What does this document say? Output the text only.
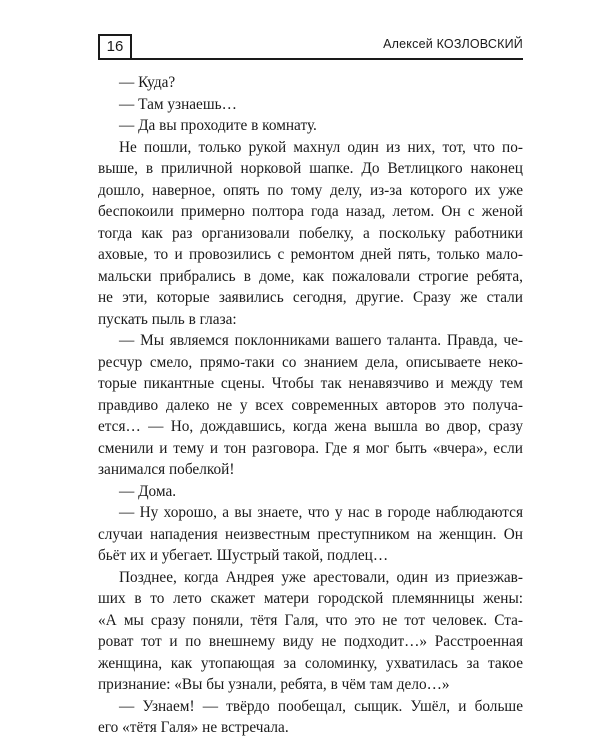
16	Алексей КОЗЛОВСКИЙ
— Куда?
— Там узнаешь…
— Да вы проходите в комнату.
Не пошли, только рукой махнул один из них, тот, что по-
выше, в приличной норковой шапке. До Ветлицкого наконец
дошло, наверное, опять по тому делу, из-за которого их уже
беспокоили примерно полтора года назад, летом. Он с женой
тогда как раз организовали побелку, а поскольку работники
аховые, то и провозились с ремонтом дней пять, только мало-
мальски прибрались в доме, как пожаловали строгие ребята,
не эти, которые заявились сегодня, другие. Сразу же стали
пускать пыль в глаза:
— Мы являемся поклонниками вашего таланта. Правда, че-
ресчур смело, прямо-таки со знанием дела, описываете неко-
торые пикантные сцены. Чтобы так ненавязчиво и между тем
правдиво далеко не у всех современных авторов это получа-
ется… — Но, дождавшись, когда жена вышла во двор, сразу
сменили и тему и тон разговора. Где я мог быть «вчера», если
занимался побелкой!
— Дома.
— Ну хорошо, а вы знаете, что у нас в городе наблюдаются
случаи нападения неизвестным преступником на женщин. Он
бьёт их и убегает. Шустрый такой, подлец…
Позднее, когда Андрея уже арестовали, один из приезжав-
ших в то лето скажет матери городской племянницы жены:
«А мы сразу поняли, тётя Галя, что это не тот человек. Ста-
роват тот и по внешнему виду не подходит…» Расстроенная
женщина, как утопающая за соломинку, ухватилась за такое
признание: «Вы бы узнали, ребята, в чём там дело…»
— Узнаем! — твёрдо пообещал, сыщик. Ушёл, и больше
его «тётя Галя» не встречала.
